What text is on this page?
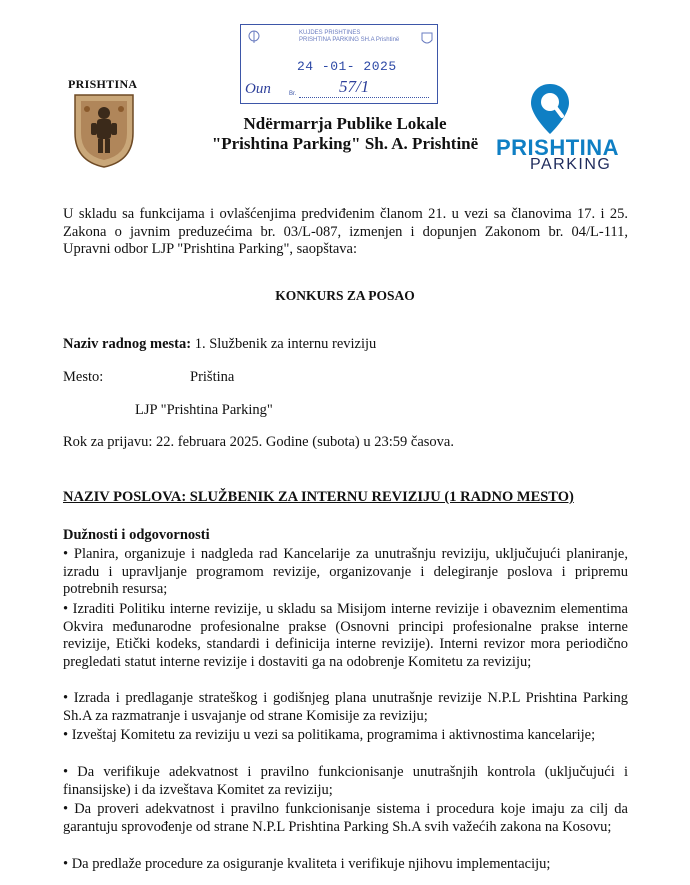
KUJDES PRISHTINES
PRISHTINA PARKING SH.A Prishtinë
24 -01- 2025
Oun	Br.	57/1
PRISHTINA
Ndërmarrja Publike Lokale
"Prishtina Parking" Sh. A. Prishtinë PRISHTINA
PARKING
U skladu sa funkcijama i ovlašćenjima predviđenim članom 21. u vezi sa članovima 17. i 25. Zakona o javnim preduzećima br. 03/L-087, izmenjen i dopunjen Zakonom br. 04/L-111, Upravni odbor LJP "Prishtina Parking", saopštava:
KONKURS ZA POSAO
Naziv radnog mesta: 1. Službenik za internu reviziju
Mesto:	Priština
LJP "Prishtina Parking"
Rok za prijavu: 22. februara 2025. Godine (subota) u 23:59 časova.
NAZIV POSLOVA: SLUŽBENIK ZA INTERNU REVIZIJU (1 RADNO MESTO)
Dužnosti i odgovornosti
• Planira, organizuje i nadgleda rad Kancelarije za unutrašnju reviziju, uključujući planiranje, izradu i upravljanje programom revizije, organizovanje i delegiranje poslova i pripremu potrebnih resursa;
• Izraditi Politiku interne revizije, u skladu sa Misijom interne revizije i obaveznim elementima Okvira međunarodne profesionalne prakse (Osnovni principi profesionalne prakse interne revizije, Etički kodeks, standardi i definicija interne revizije). Interni revizor mora periodično pregledati statut interne revizije i dostaviti ga na odobrenje Komitetu za reviziju;
• Izrada i predlaganje strateškog i godišnjeg plana unutrašnje revizije N.P.L Prishtina Parking Sh.A za razmatranje i usvajanje od strane Komisije za reviziju;
• Izveštaj Komitetu za reviziju u vezi sa politikama, programima i aktivnostima kancelarije;
• Da verifikuje adekvatnost i pravilno funkcionisanje unutrašnjih kontrola (uključujući i finansijske) i da izveštava Komitet za reviziju;
• Da proveri adekvatnost i pravilno funkcionisanje sistema i procedura koje imaju za cilj da garantuju sprovođenje od strane N.P.L Prishtina Parking Sh.A svih važećih zakona na Kosovu;
• Da predlaže procedure za osiguranje kvaliteta i verifikuje njihovu implementaciju;
